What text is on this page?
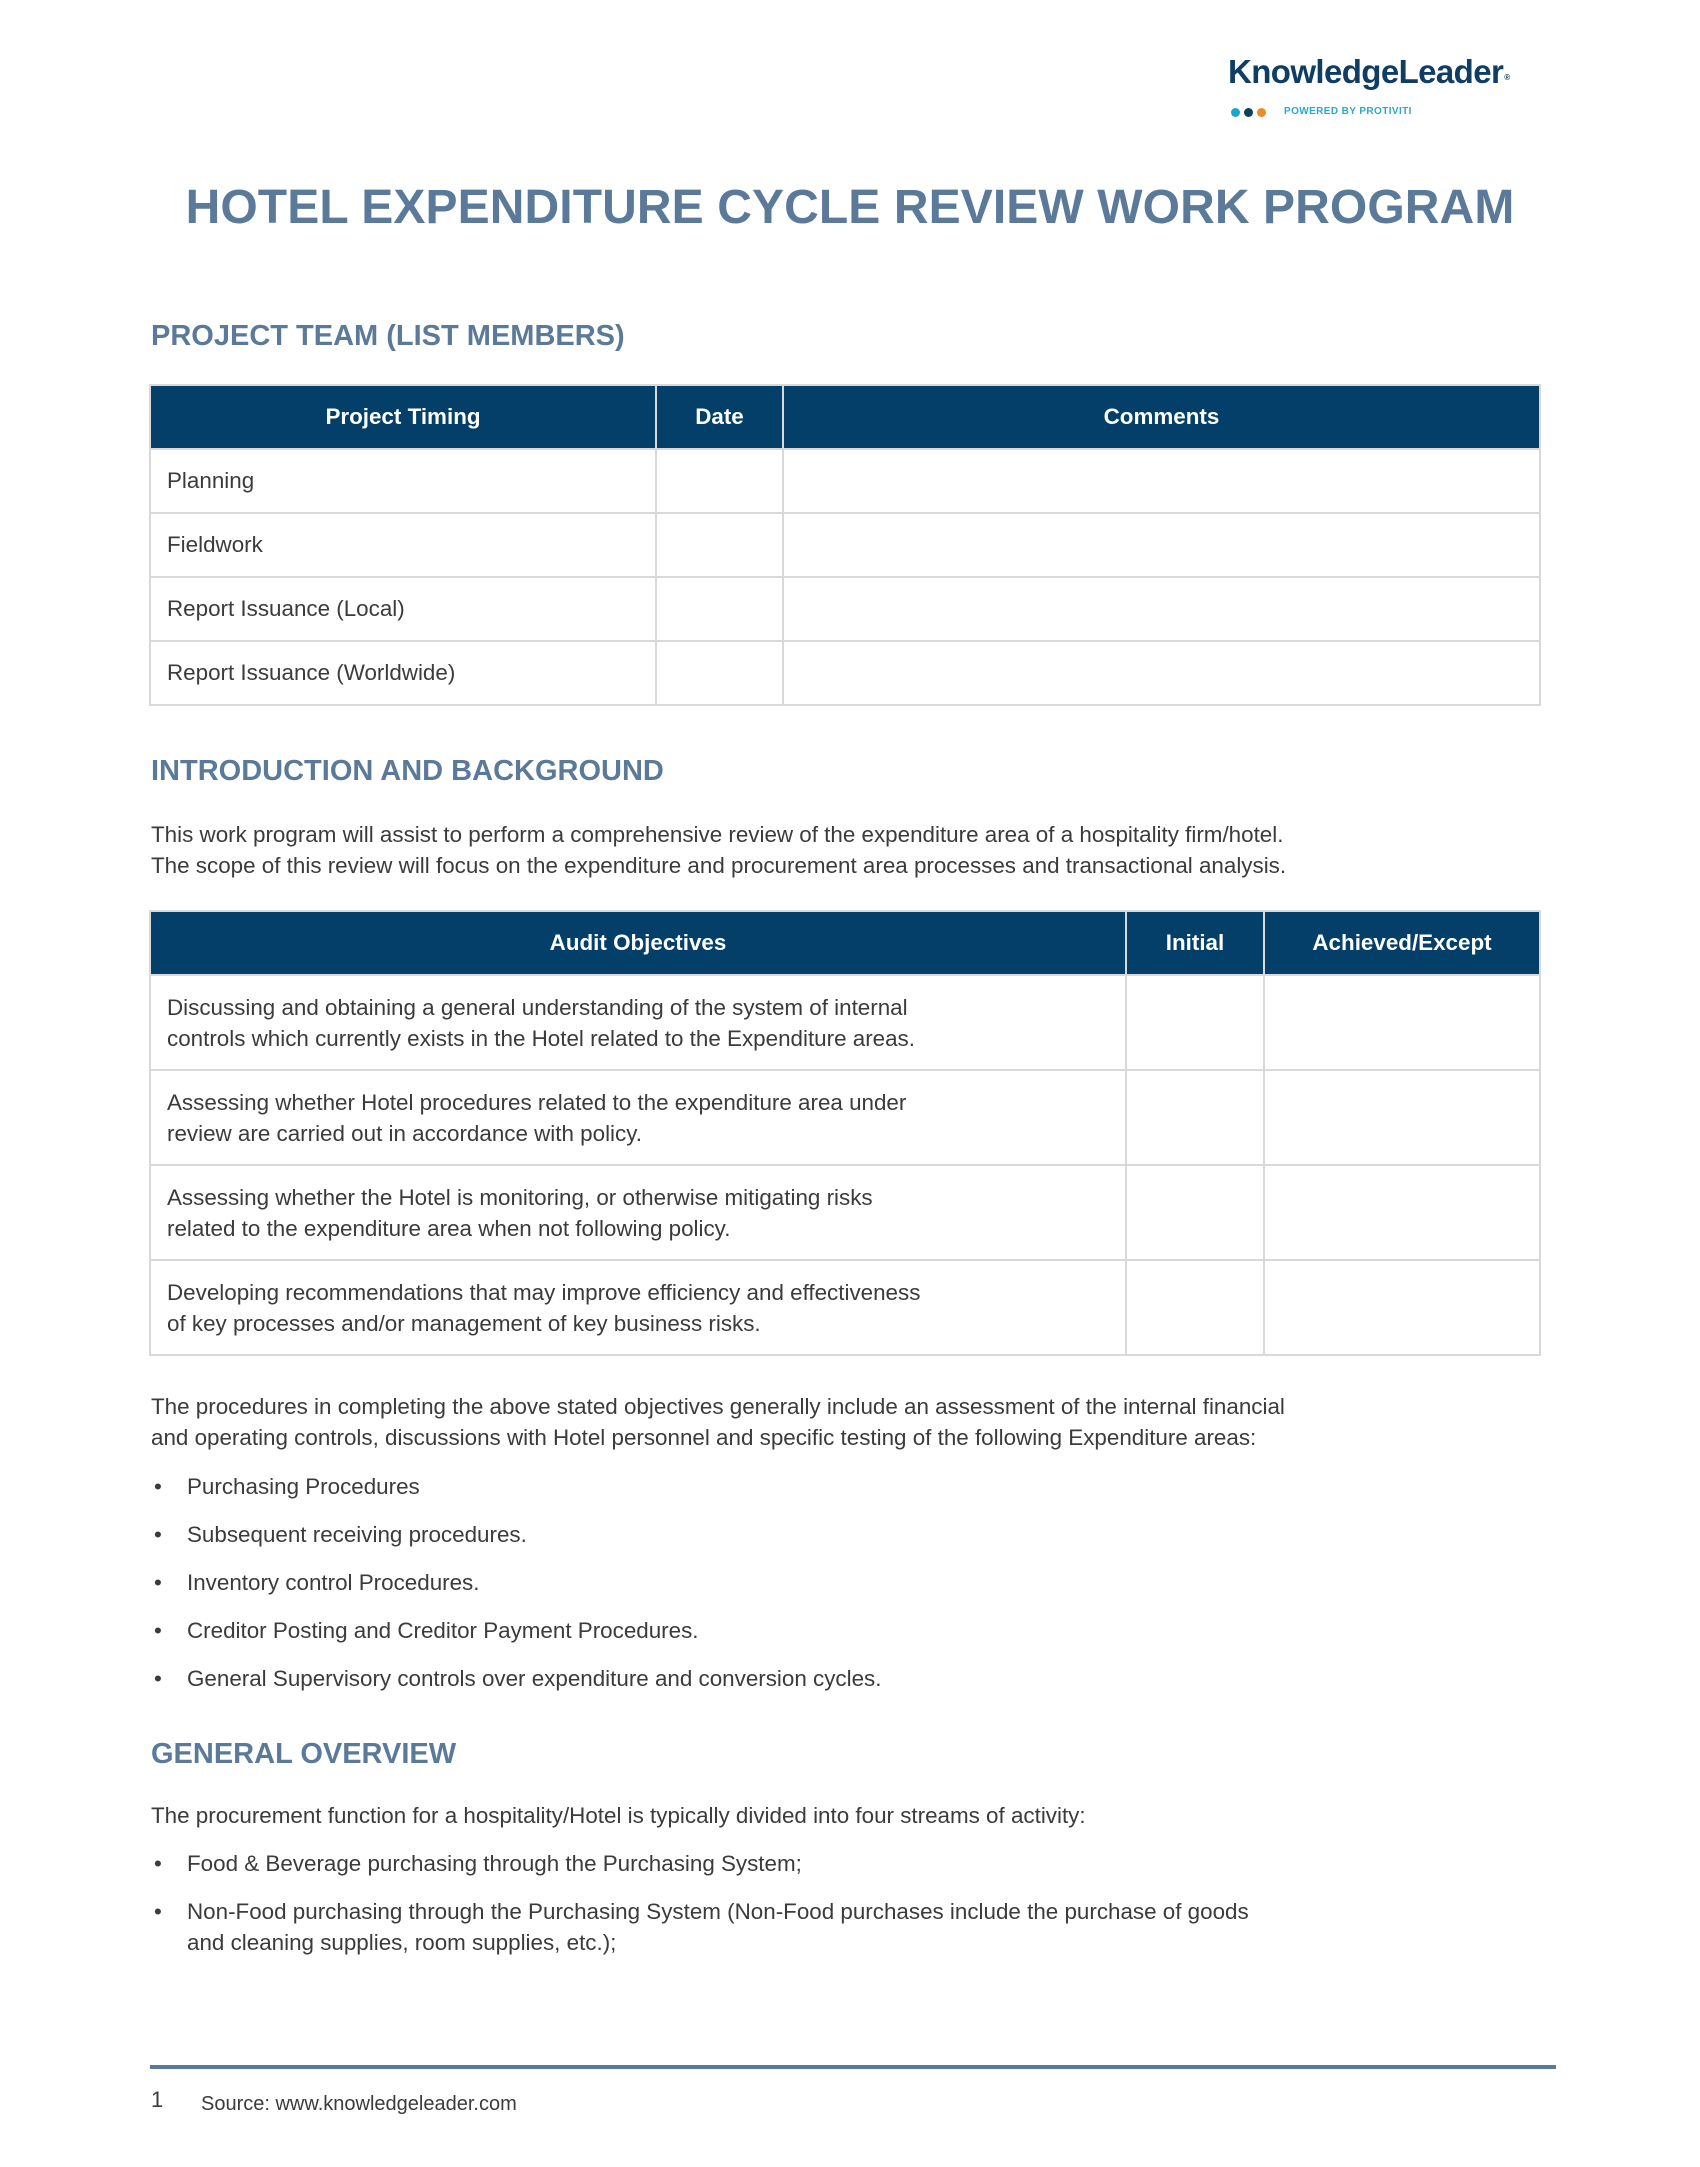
KnowledgeLeader®
POWERED BY PROTIVITI
HOTEL EXPENDITURE CYCLE REVIEW WORK PROGRAM
PROJECT TEAM (LIST MEMBERS)
Project Timing	Date	Comments
Planning		
Fieldwork		
Report Issuance (Local)		
Report Issuance (Worldwide)		
INTRODUCTION AND BACKGROUND
This work program will assist to perform a comprehensive review of the expenditure area of a hospitality firm/hotel.
The scope of this review will focus on the expenditure and procurement area processes and transactional analysis.
Audit Objectives	Initial	Achieved/Except

Discussing and obtaining a general understanding of the system of internal
controls which currently exists in the Hotel related to the Expenditure areas.		

Assessing whether Hotel procedures related to the expenditure area under
review are carried out in accordance with policy.		

Assessing whether the Hotel is monitoring, or otherwise mitigating risks
related to the expenditure area when not following policy.		

Developing recommendations that may improve efficiency and effectiveness
of key processes and/or management of key business risks.		

The procedures in completing the above stated objectives generally include an assessment of the internal financial
and operating controls, discussions with Hotel personnel and specific testing of the following Expenditure areas:
• Purchasing Procedures
• Subsequent receiving procedures.
• Inventory control Procedures.
• Creditor Posting and Creditor Payment Procedures.
• General Supervisory controls over expenditure and conversion cycles.
GENERAL OVERVIEW
The procurement function for a hospitality/Hotel is typically divided into four streams of activity:
• Food & Beverage purchasing through the Purchasing System;
• Non-Food purchasing through the Purchasing System (Non-Food purchases include the purchase of goods
and cleaning supplies, room supplies, etc.);
1 Source: www.knowledgeleader.com
